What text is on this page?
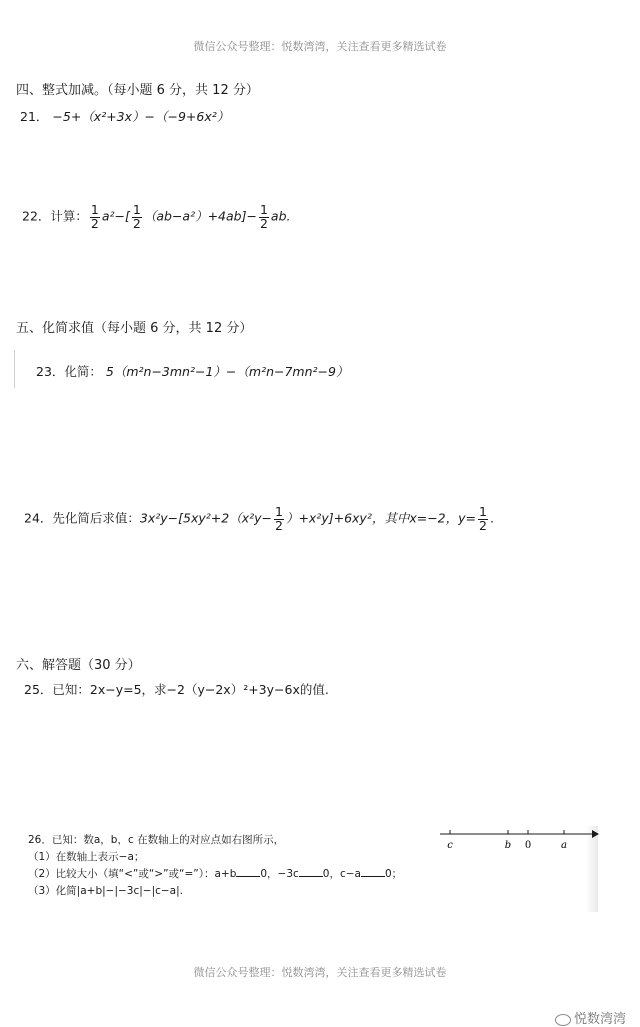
微信公众号整理：悦数湾湾，关注查看更多精选试卷
四、整式加减。（每小题 6 分，共 12 分）
21． −5+（x²+3x）−（−9+6x²）
22．计算： $\frac{1}{2} a^2-[ \frac{1}{2} (ab-a^2)+4ab]- \frac{1}{2}$ ab.
五、化简求值（每小题 6 分，共 12 分）
23．化简： 5（m²n−3mn²−1）−（m²n−7mn²−9）
24．先化简后求值：$3x^2y-[5xy^2+2(x^2y- \frac{1}{2} )+x^2y]+6xy^2$，其中x=−2，$y= \frac{1}{2}$ .
六、解答题（30 分）
25．已知：2x−y=5，求−2（y−2x）²+3y−6x的值.
26．已知：数a，b，c 在数轴上的对应点如右图所示，
（1）在数轴上表示−a；
（2）比较大小（填“<”或“>”或“=”）：a+b 0，−3c 0，c−a 0；
（3）化简|a+b|−|−3c|−|c−a|.
c	b 0	a
微信公众号整理：悦数湾湾，关注查看更多精选试卷
悦数湾湾
